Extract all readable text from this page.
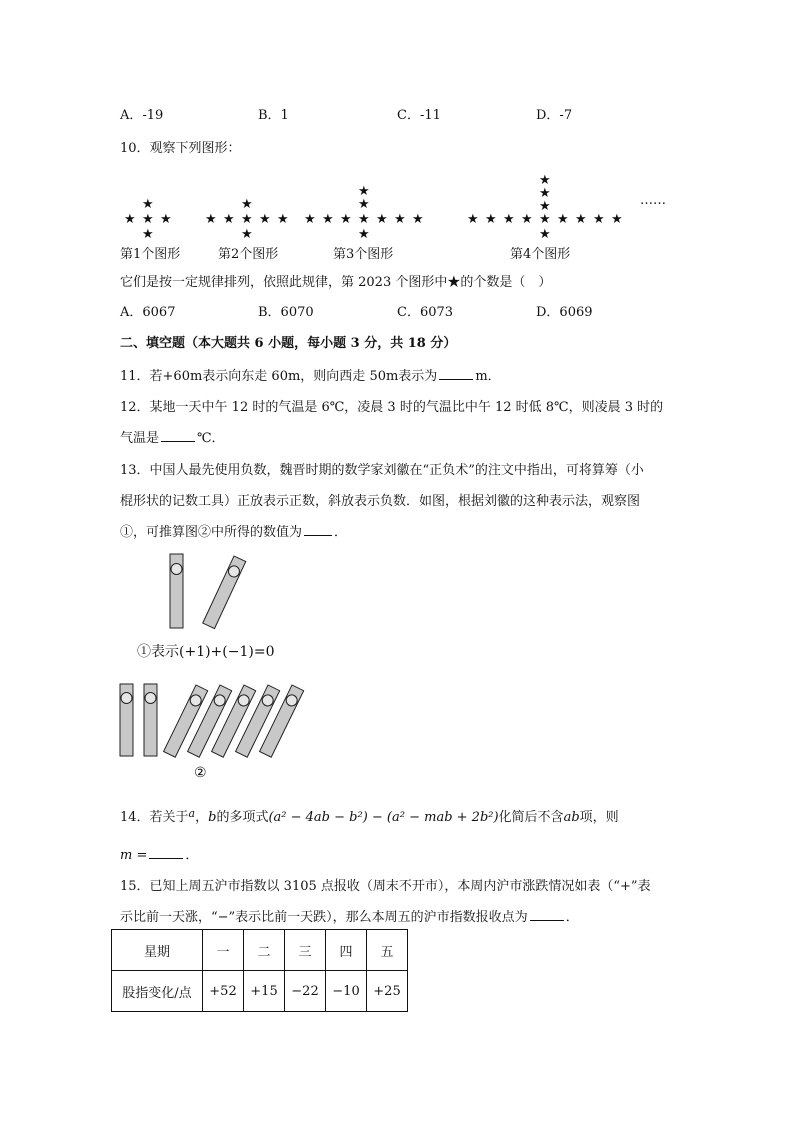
A．-19	B．1	C．-11	D．-7
10．观察下列图形：
★ ★ ★
★
★
★ ★ ★ ★ ★
★
★
★ ★ ★ ★ ★ ★ ★
★
★
★
★ ★ ★ ★ ★ ★ ★ ★ ★
★
★
★
★
……
第1个图形	第2个图形	第3个图形	第4个图形
它们是按一定规律排列，依照此规律，第 2023 个图形中★的个数是（　）
A．6067	B．6070	C．6073	D．6069
二、填空题（本大题共 6 小题，每小题 3 分，共 18 分）
11．若+60m表示向东走 60m，则向西走 50m表示为	m．
12．某地一天中午 12 时的气温是 6℃，凌晨 3 时的气温比中午 12 时低 8℃，则凌晨 3 时的
气温是	℃．
13．中国人最先使用负数，魏晋时期的数学家刘徽在“正负术”的注文中指出，可将算筹（小
棍形状的记数工具）正放表示正数，斜放表示负数．如图，根据刘徽的这种表示法，观察图
①，可推算图②中所得的数值为 ．
①表示(+1)+(−1)=0
②
14．若关于$^a$，b的多项式(a² − 4ab − b²) − (a² − mab + 2b²)化简后不含ab项，则
m =	．
15．已知上周五沪市指数以 3105 点报收（周末不开市），本周内沪市涨跌情况如表（“+”表
示比前一天涨，“−”表示比前一天跌），那么本周五的沪市指数报收点为	．
星期	一	二	三	四	五
股指变化/点	+52	+15	−22	−10	+25
